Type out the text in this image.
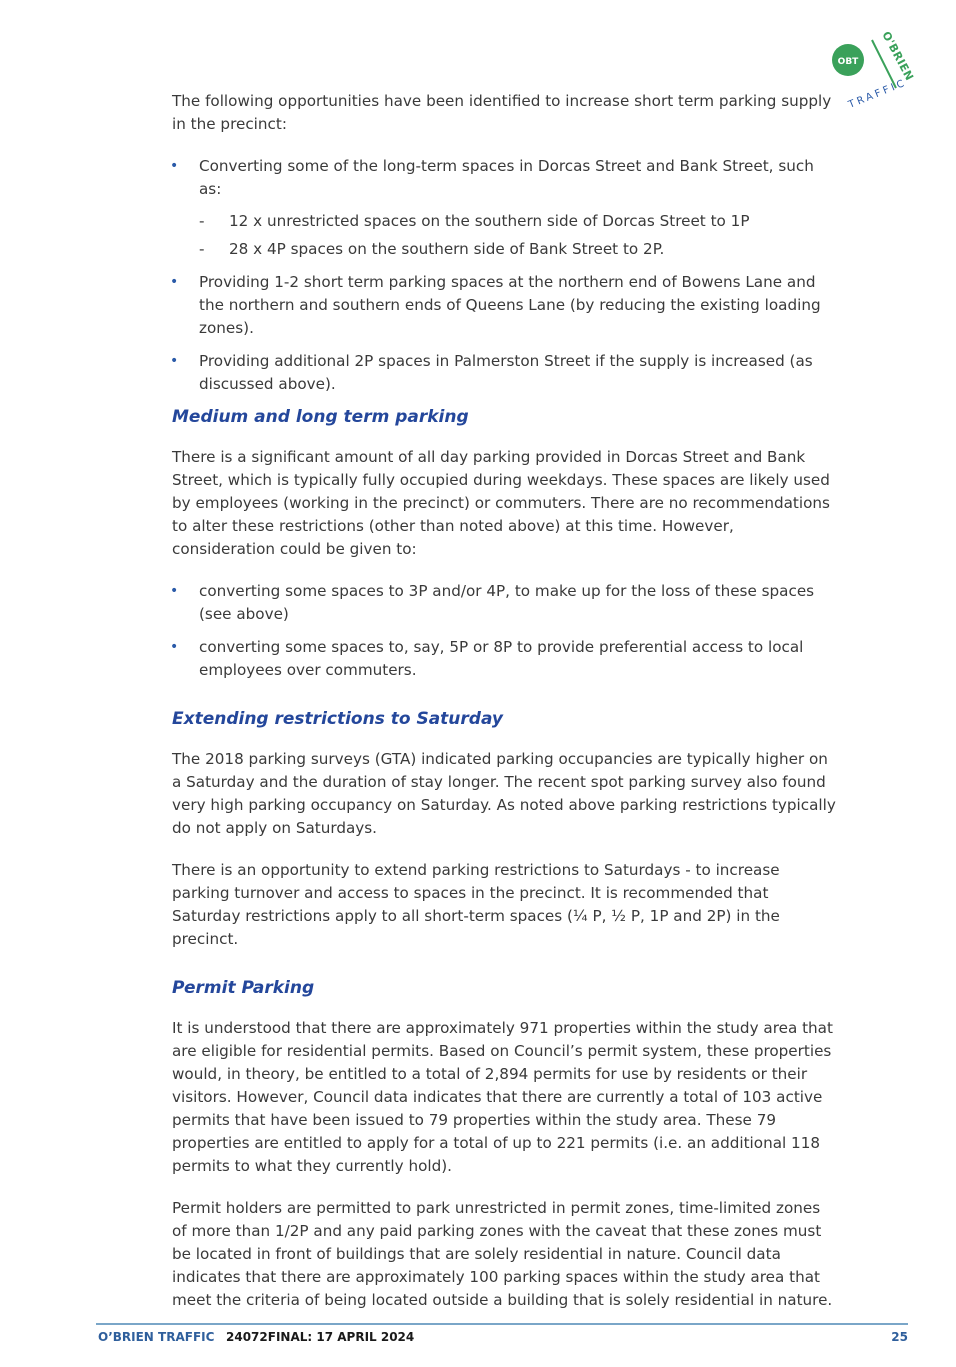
OBT O'BRIEN
TRAFFIC

The following opportunities have been identified to increase short term parking supply in the precinct:

• Converting some of the long-term spaces in Dorcas Street and Bank Street, such as:
- 12 x unrestricted spaces on the southern side of Dorcas Street to 1P
- 28 x 4P spaces on the southern side of Bank Street to 2P.
• Providing 1-2 short term parking spaces at the northern end of Bowens Lane and the northern and southern ends of Queens Lane (by reducing the existing loading zones).
• Providing additional 2P spaces in Palmerston Street if the supply is increased (as discussed above).
Medium and long term parking

There is a significant amount of all day parking provided in Dorcas Street and Bank Street, which is typically fully occupied during weekdays. These spaces are likely used by employees (working in the precinct) or commuters. There are no recommendations to alter these restrictions (other than noted above) at this time. However, consideration could be given to:

• converting some spaces to 3P and/or 4P, to make up for the loss of these spaces (see above)
• converting some spaces to, say, 5P or 8P to provide preferential access to local employees over commuters.
Extending restrictions to Saturday

The 2018 parking surveys (GTA) indicated parking occupancies are typically higher on a Saturday and the duration of stay longer. The recent spot parking survey also found very high parking occupancy on Saturday. As noted above parking restrictions typically do not apply on Saturdays.

There is an opportunity to extend parking restrictions to Saturdays - to increase parking turnover and access to spaces in the precinct. It is recommended that Saturday restrictions apply to all short-term spaces (¼ P, ½ P, 1P and 2P) in the precinct.

Permit Parking

It is understood that there are approximately 971 properties within the study area that are eligible for residential permits. Based on Council’s permit system, these properties would, in theory, be entitled to a total of 2,894 permits for use by residents or their visitors. However, Council data indicates that there are currently a total of 103 active permits that have been issued to 79 properties within the study area. These 79 properties are entitled to apply for a total of up to 221 permits (i.e. an additional 118 permits to what they currently hold).

Permit holders are permitted to park unrestricted in permit zones, time-limited zones of more than 1/2P and any paid parking zones with the caveat that these zones must be located in front of buildings that are solely residential in nature. Council data indicates that there are approximately 100 parking spaces within the study area that meet the criteria of being located outside a building that is solely residential in nature.

O’BRIEN TRAFFIC 24072FINAL: 17 APRIL 2024	25
